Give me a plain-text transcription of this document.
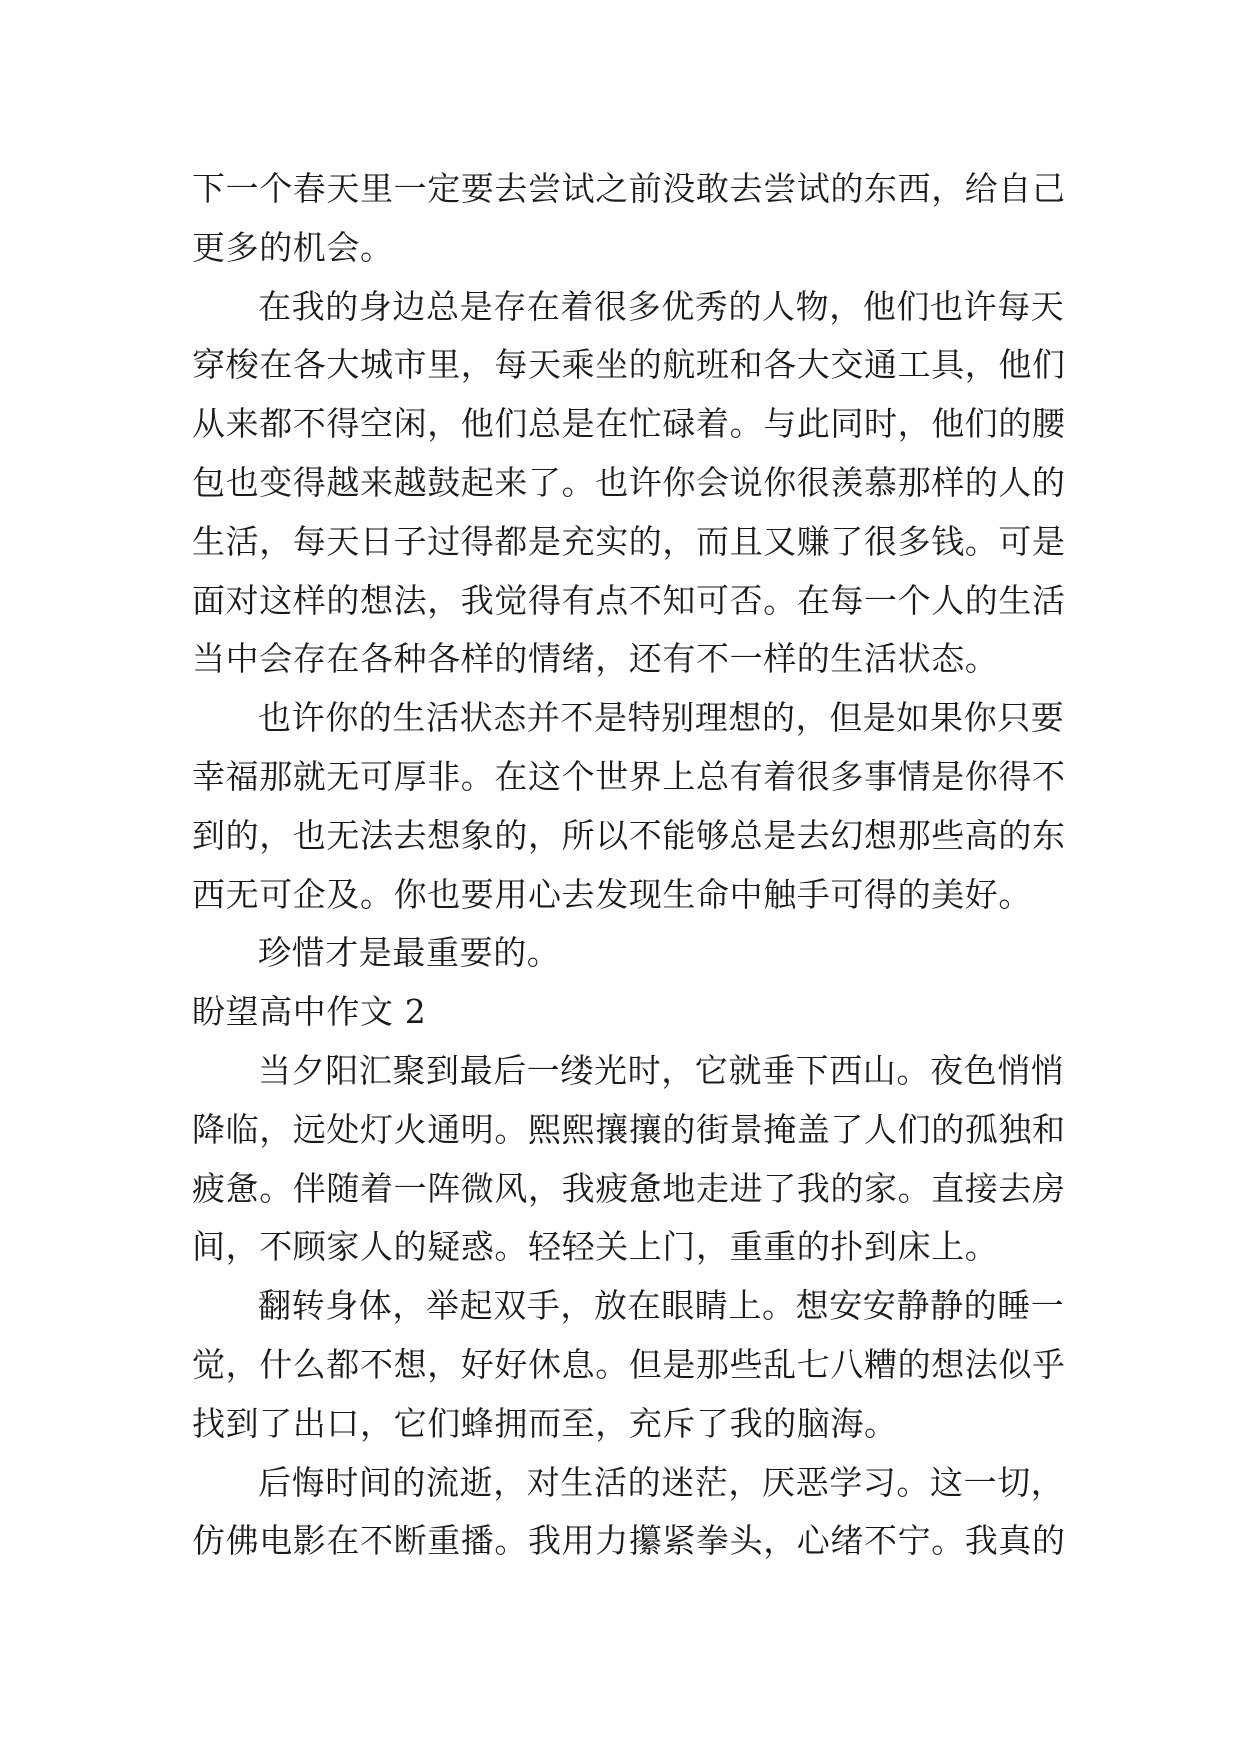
下一个春天里一定要去尝试之前没敢去尝试的东西，给自己
更多的机会。
在我的身边总是存在着很多优秀的人物，他们也许每天
穿梭在各大城市里，每天乘坐的航班和各大交通工具，他们
从来都不得空闲，他们总是在忙碌着。与此同时，他们的腰
包也变得越来越鼓起来了。也许你会说你很羡慕那样的人的
生活，每天日子过得都是充实的，而且又赚了很多钱。可是
面对这样的想法，我觉得有点不知可否。在每一个人的生活
当中会存在各种各样的情绪，还有不一样的生活状态。
也许你的生活状态并不是特别理想的，但是如果你只要
幸福那就无可厚非。在这个世界上总有着很多事情是你得不
到的，也无法去想象的，所以不能够总是去幻想那些高的东
西无可企及。你也要用心去发现生命中触手可得的美好。
珍惜才是最重要的。
盼望高中作文 2
当夕阳汇聚到最后一缕光时，它就垂下西山。夜色悄悄
降临，远处灯火通明。熙熙攘攘的街景掩盖了人们的孤独和
疲惫。伴随着一阵微风，我疲惫地走进了我的家。直接去房
间，不顾家人的疑惑。轻轻关上门，重重的扑到床上。
翻转身体，举起双手，放在眼睛上。想安安静静的睡一
觉，什么都不想，好好休息。但是那些乱七八糟的想法似乎
找到了出口，它们蜂拥而至，充斥了我的脑海。
后悔时间的流逝，对生活的迷茫，厌恶学习。这一切，
仿佛电影在不断重播。我用力攥紧拳头，心绪不宁。我真的
